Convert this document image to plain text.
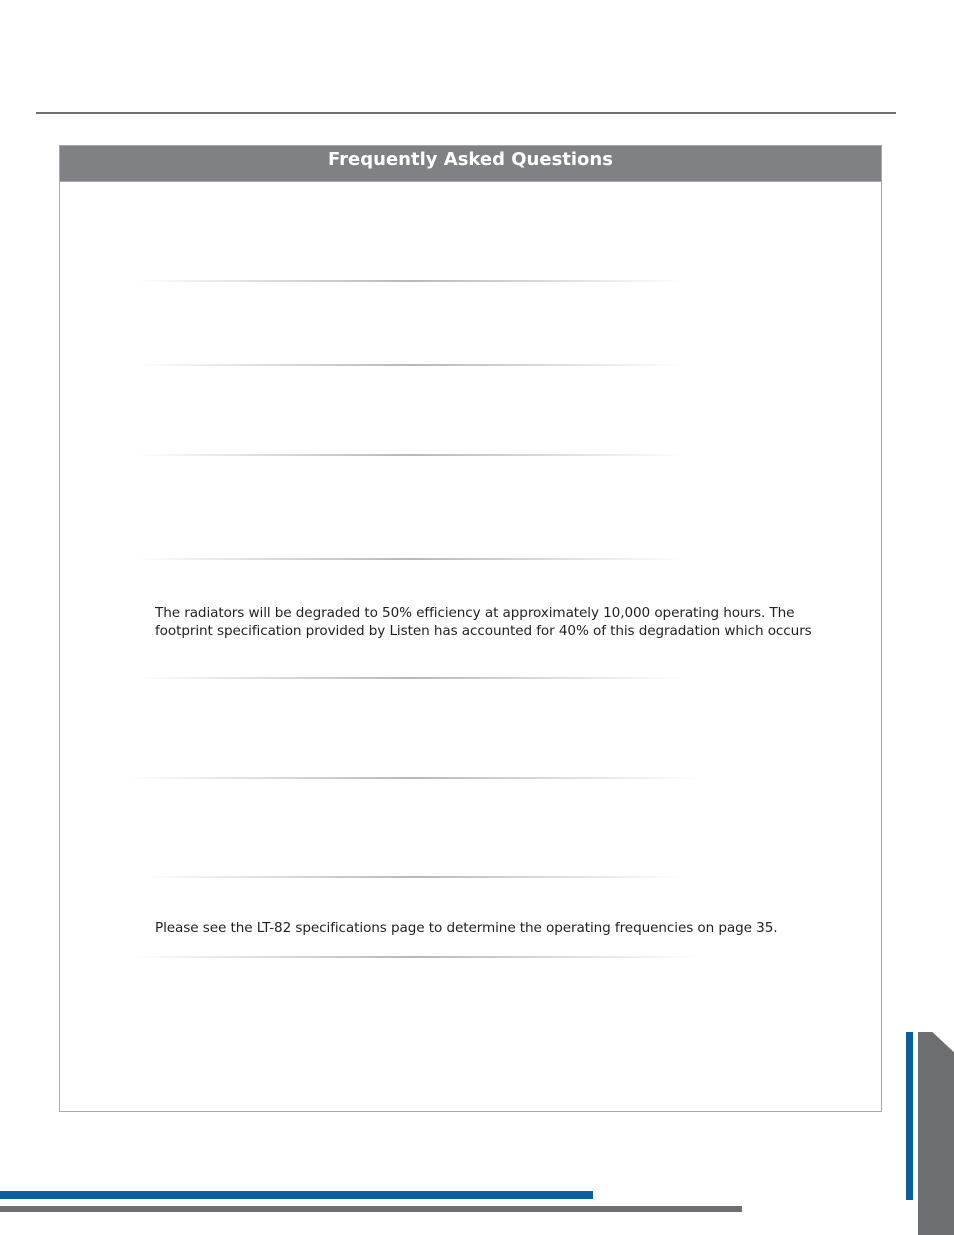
Frequently Asked Questions

The radiators will be degraded to 50% efficiency at approximately 10,000 operating hours. The footprint specification provided by Listen has accounted for 40% of this degradation which occurs

Please see the LT-82 specifications page to determine the operating frequencies on page 35.
